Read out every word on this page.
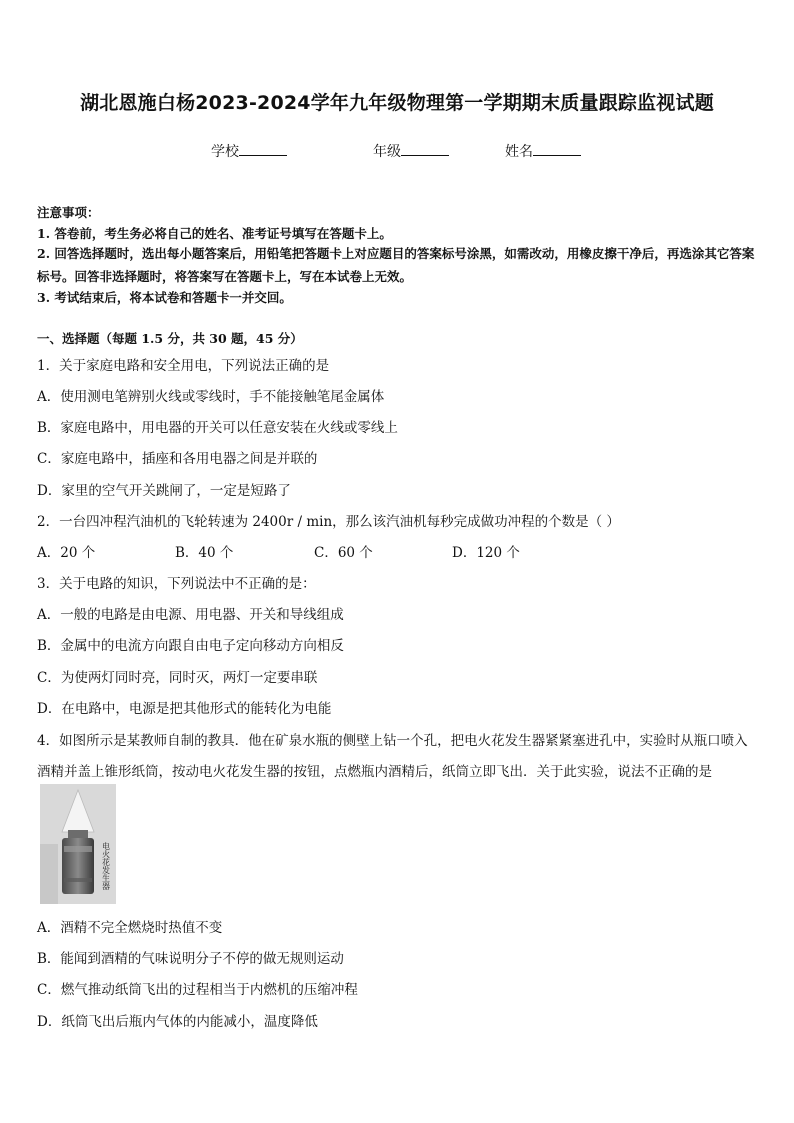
湖北恩施白杨2023-2024学年九年级物理第一学期期末质量跟踪监视试题
学校	年级	姓名
注意事项：
1. 答卷前，考生务必将自己的姓名、准考证号填写在答题卡上。
2. 回答选择题时，选出每小题答案后，用铅笔把答题卡上对应题目的答案标号涂黑，如需改动，用橡皮擦干净后，再选涂其它答案标号。回答非选择题时，将答案写在答题卡上，写在本试卷上无效。
3. 考试结束后，将本试卷和答题卡一并交回。
一、选择题（每题 1.5 分，共 30 题，45 分）
1．关于家庭电路和安全用电，下列说法正确的是
A．使用测电笔辨别火线或零线时，手不能接触笔尾金属体
B．家庭电路中，用电器的开关可以任意安装在火线或零线上
C．家庭电路中，插座和各用电器之间是并联的
D．家里的空气开关跳闸了，一定是短路了
2．一台四冲程汽油机的飞轮转速为 2400r / min，那么该汽油机每秒完成做功冲程的个数是（ ）
A．20 个	B．40 个	C．60 个	D．120 个
3．关于电路的知识，下列说法中不正确的是：
A．一般的电路是由电源、用电器、开关和导线组成
B．金属中的电流方向跟自由电子定向移动方向相反
C．为使两灯同时亮，同时灭，两灯一定要串联
D．在电路中，电源是把其他形式的能转化为电能
4．如图所示是某教师自制的教具．他在矿泉水瓶的侧壁上钻一个孔，把电火花发生器紧紧塞进孔中，实验时从瓶口喷入酒精并盖上锥形纸筒，按动电火花发生器的按钮，点燃瓶内酒精后，纸筒立即飞出．关于此实验，说法不正确的是
电火花发生器
A．酒精不完全燃烧时热值不变
B．能闻到酒精的气味说明分子不停的做无规则运动
C．燃气推动纸筒飞出的过程相当于内燃机的压缩冲程
D．纸筒飞出后瓶内气体的内能减小，温度降低
